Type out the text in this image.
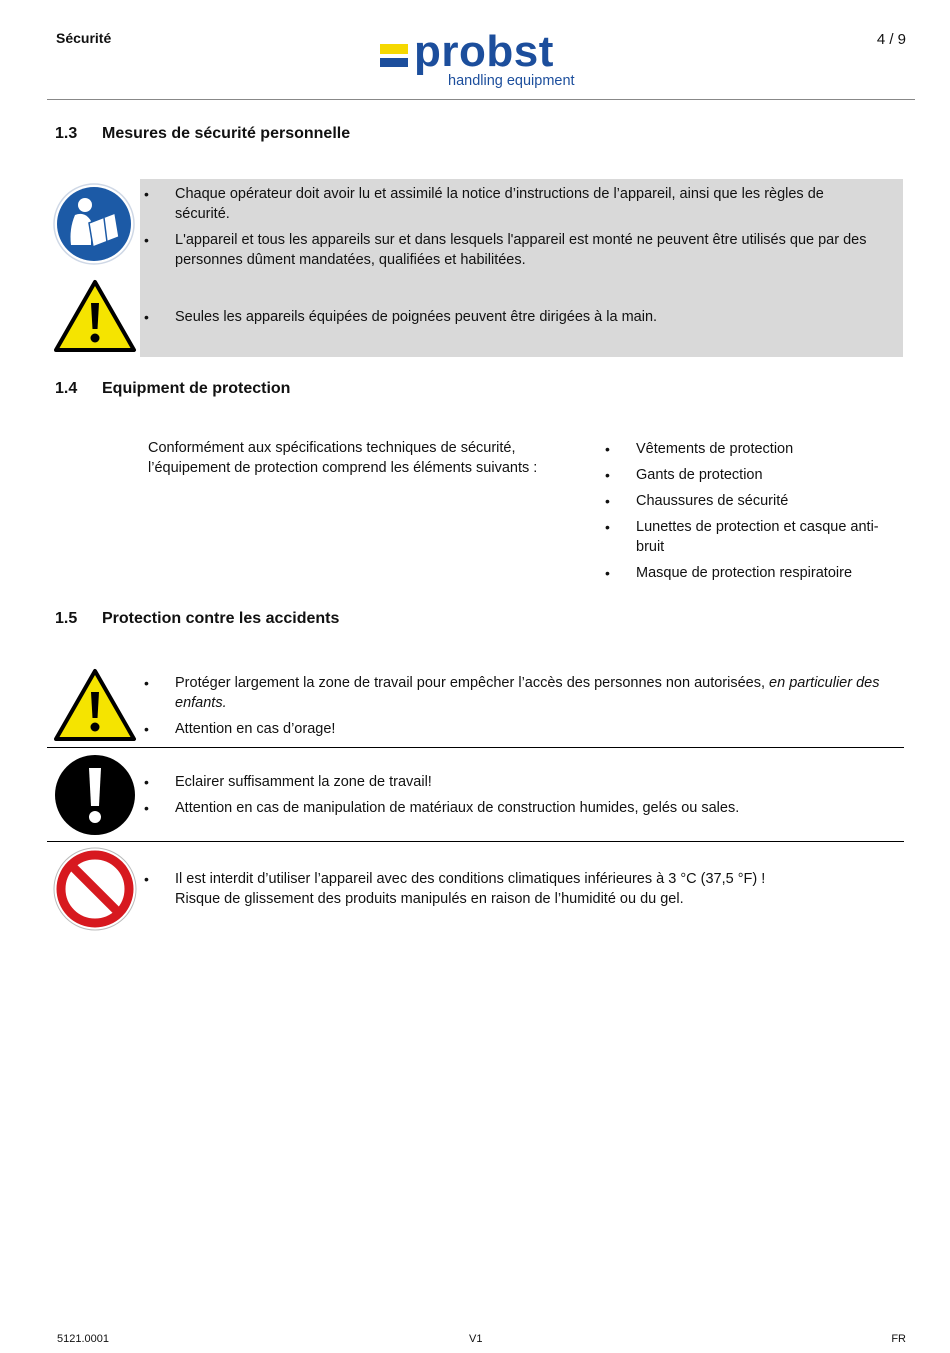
Sécurité	4 / 9
probst
handling equipment
1.3 Mesures de sécurité personnelle
• Chaque opérateur doit avoir lu et assimilé la notice d’instructions de l’appareil, ainsi que les règles de sécurité.
• L'appareil et tous les appareils sur et dans lesquels l'appareil est monté ne peuvent être utilisés que par des personnes dûment mandatées, qualifiées et habilitées.
• Seules les appareils équipées de poignées peuvent être dirigées à la main.
1.4 Equipment de protection
Conformément aux spécifications techniques de sécurité, l’équipement de protection comprend les éléments suivants :
• Vêtements de protection
• Gants de protection
• Chaussures de sécurité
• Lunettes de protection et casque anti-bruit
• Masque de protection respiratoire
1.5 Protection contre les accidents
• Protéger largement la zone de travail pour empêcher l’accès des personnes non autorisées, en particulier des enfants.
• Attention en cas d’orage!
• Eclairer suffisamment la zone de travail!
• Attention en cas de manipulation de matériaux de construction humides, gelés ou sales.
• Il est interdit d’utiliser l’appareil avec des conditions climatiques inférieures à 3 °C (37,5 °F) !
Risque de glissement des produits manipulés en raison de l’humidité ou du gel.
5121.0001	V1	FR
